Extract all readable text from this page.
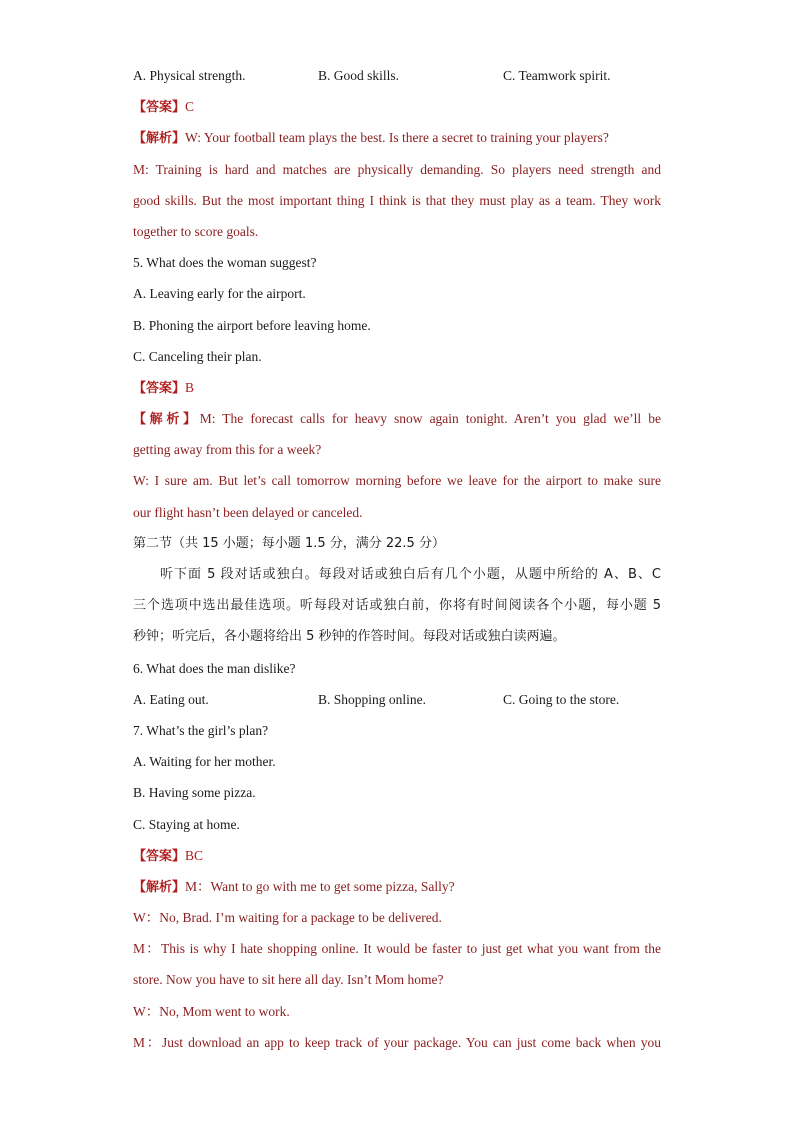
A. Physical strength.	B. Good skills.	C. Teamwork spirit.
【答案】C
【解析】W: Your football team plays the best. Is there a secret to training your players?
M: Training is hard and matches are physically demanding. So players need strength and
good skills. But the most important thing I think is that they must play as a team. They work
together to score goals.
5. What does the woman suggest?
A. Leaving early for the airport.
B. Phoning the airport before leaving home.
C. Canceling their plan.
【答案】B
【解析】M: The forecast calls for heavy snow again tonight. Aren’t you glad we’ll be
getting away from this for a week?
W: I sure am. But let’s call tomorrow morning before we leave for the airport to make sure
our flight hasn’t been delayed or canceled.
第二节（共 15 小题；每小题 1.5 分，满分 22.5 分）
听下面 5 段对话或独白。每段对话或独白后有几个小题，从题中所给的 A、B、C
三个选项中选出最佳选项。听每段对话或独白前，你将有时间阅读各个小题，每小题 5
秒钟；听完后，各小题将给出 5 秒钟的作答时间。每段对话或独白读两遍。
6. What does the man dislike?
A. Eating out.	B. Shopping online.	C. Going to the store.
7. What’s the girl’s plan?
A. Waiting for her mother.
B. Having some pizza.
C. Staying at home.
【答案】BC
【解析】M：Want to go with me to get some pizza, Sally?
W：No, Brad. I’m waiting for a package to be delivered.
M：This is why I hate shopping online. It would be faster to just get what you want from the
store. Now you have to sit here all day. Isn’t Mom home?
W：No, Mom went to work.
M：Just download an app to keep track of your package. You can just come back when you
